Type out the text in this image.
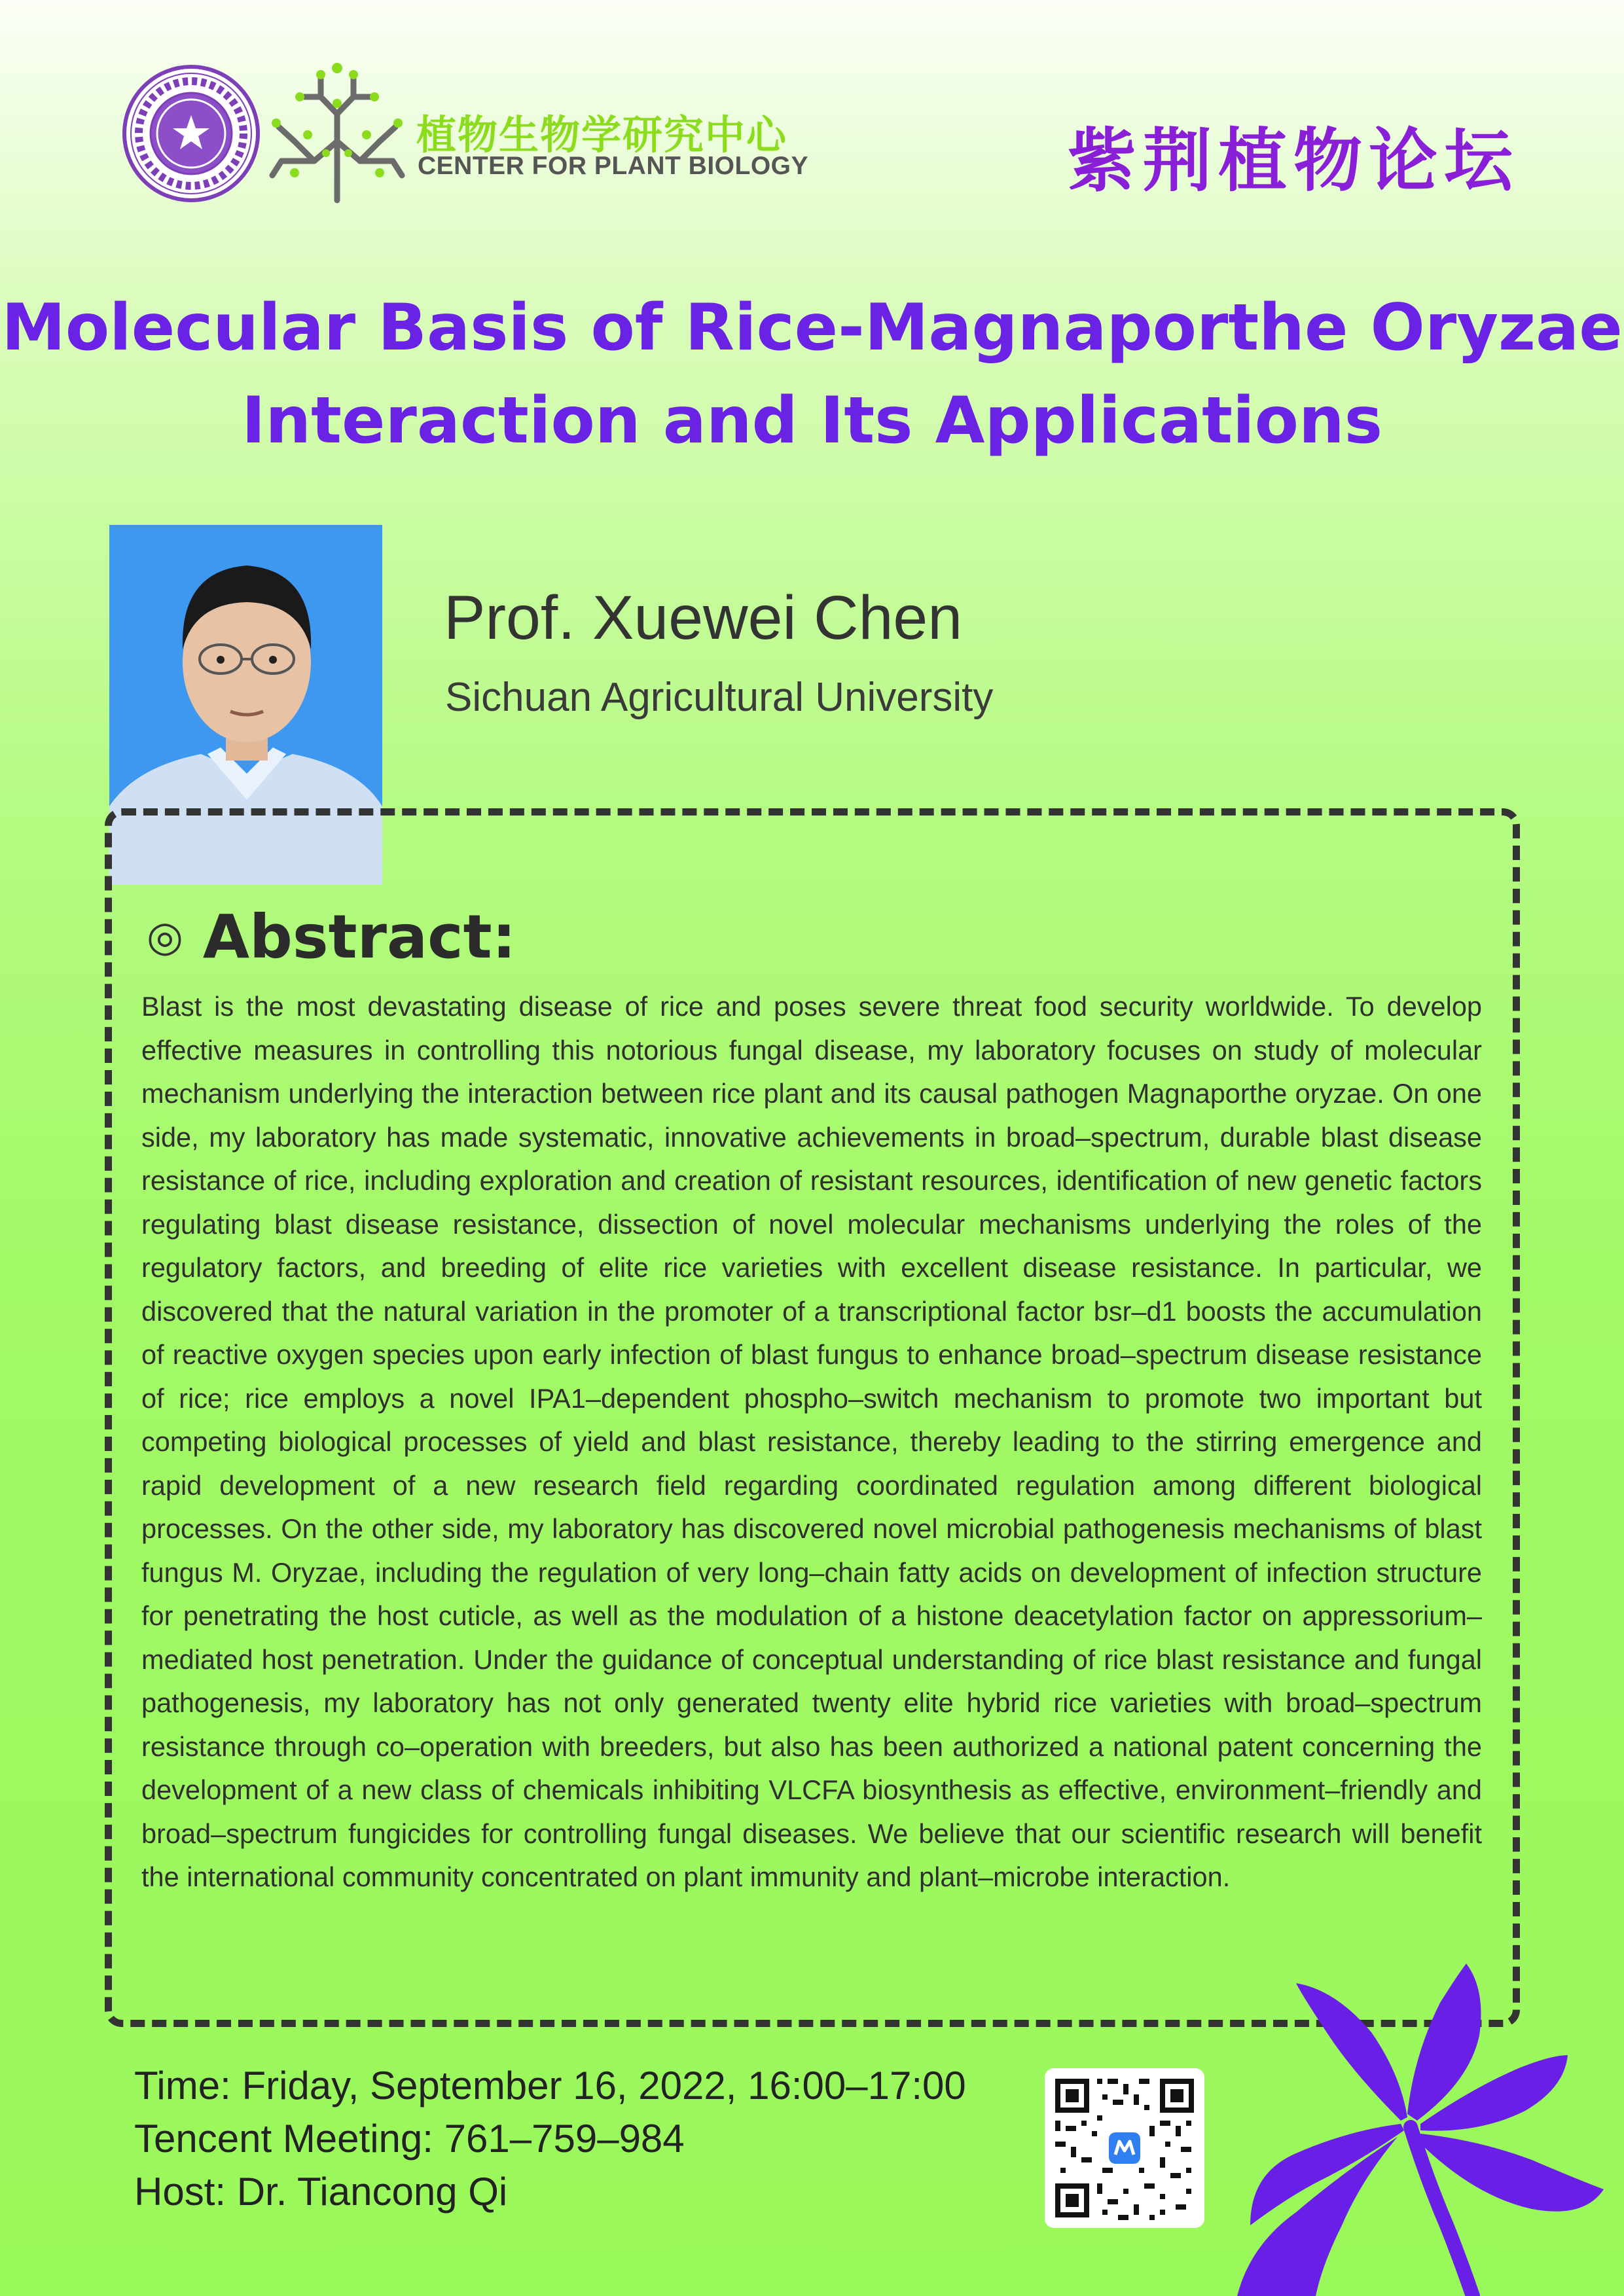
植物生物学研究中心
CENTER FOR PLANT BIOLOGY	紫荆植物论坛
Molecular Basis of Rice-Magnaporthe Oryzae
Interaction and Its Applications
Prof. Xuewei Chen
Sichuan Agricultural University
◎ Abstract:

Blast is the most devastating disease of rice and poses severe threat food security worldwide. To develop effective measures in controlling this notorious fungal disease, my laboratory focuses on study of molecular mechanism underlying the interaction between rice plant and its causal pathogen Magnaporthe oryzae. On one side, my laboratory has made systematic, innovative achievements in broad–spectrum, durable blast disease resistance of rice, including exploration and creation of resistant resources, identification of new genetic factors regulating blast disease resistance, dissection of novel molecular mechanisms underlying the roles of the regulatory factors, and breeding of elite rice varieties with excellent disease resistance. In particular, we discovered that the natural variation in the promoter of a transcriptional factor bsr–d1 boosts the accumulation of reactive oxygen species upon early infection of blast fungus to enhance broad–spectrum disease resistance of rice; rice employs a novel IPA1–dependent phospho–switch mechanism to promote two important but competing biological processes of yield and blast resistance, thereby leading to the stirring emergence and rapid development of a new research field regarding coordinated regulation among different biological processes. On the other side, my laboratory has discovered novel microbial pathogenesis mechanisms of blast fungus M. Oryzae, including the regulation of very long–chain fatty acids on development of infection structure for penetrating the host cuticle, as well as the modulation of a histone deacetylation factor on appressorium–mediated host penetration. Under the guidance of conceptual understanding of rice blast resistance and fungal pathogenesis, my laboratory has not only generated twenty elite hybrid rice varieties with broad–spectrum resistance through co–operation with breeders, but also has been authorized a national patent concerning the development of a new class of chemicals inhibiting VLCFA biosynthesis as effective, environment–friendly and broad–spectrum fungicides for controlling fungal diseases. We believe that our scientific research will benefit the international community concentrated on plant immunity and plant–microbe interaction.

Time: Friday, September 16, 2022, 16:00–17:00
Tencent Meeting: 761–759–984
Host: Dr. Tiancong Qi
